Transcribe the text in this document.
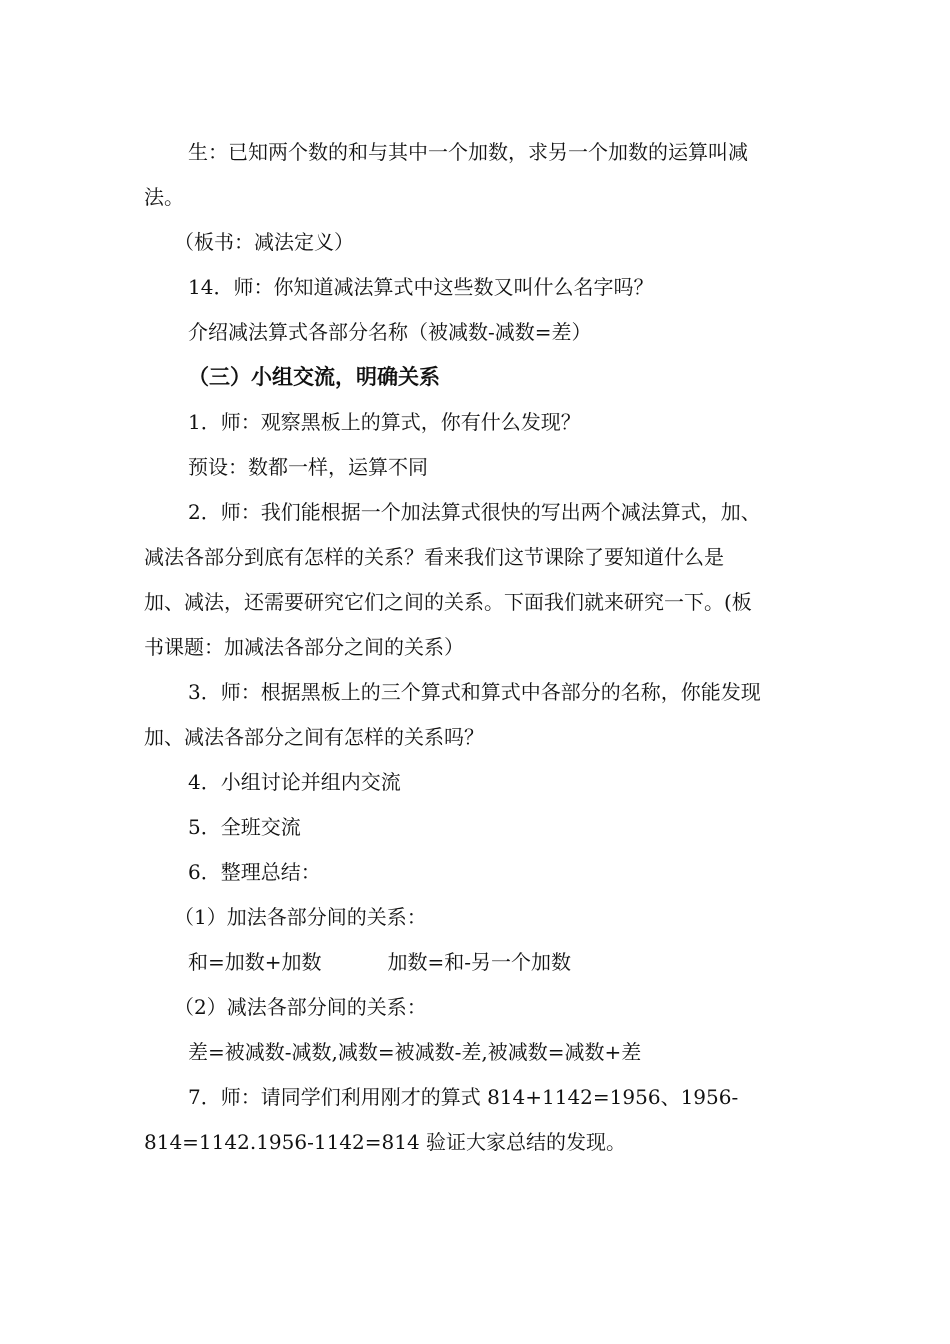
生：已知两个数的和与其中一个加数，求另一个加数的运算叫减
法。
（板书：减法定义）
14．师：你知道减法算式中这些数又叫什么名字吗？
介绍减法算式各部分名称（被减数-减数=差）
（三）小组交流，明确关系
1．师：观察黑板上的算式，你有什么发现？
预设：数都一样，运算不同
2．师：我们能根据一个加法算式很快的写出两个减法算式，加、
减法各部分到底有怎样的关系？看来我们这节课除了要知道什么是
加、减法，还需要研究它们之间的关系。下面我们就来研究一下。(板
书课题：加减法各部分之间的关系）
3．师：根据黑板上的三个算式和算式中各部分的名称，你能发现
加、减法各部分之间有怎样的关系吗？
4．小组讨论并组内交流
5．全班交流
6．整理总结：
（1）加法各部分间的关系：
和=加数+加数	加数=和-另一个加数
（2）减法各部分间的关系：
差=被减数-减数,减数=被减数-差,被减数=减数+差
7．师：请同学们利用刚才的算式 814+1142=1956、1956-
814=1142.1956-1142=814 验证大家总结的发现。
